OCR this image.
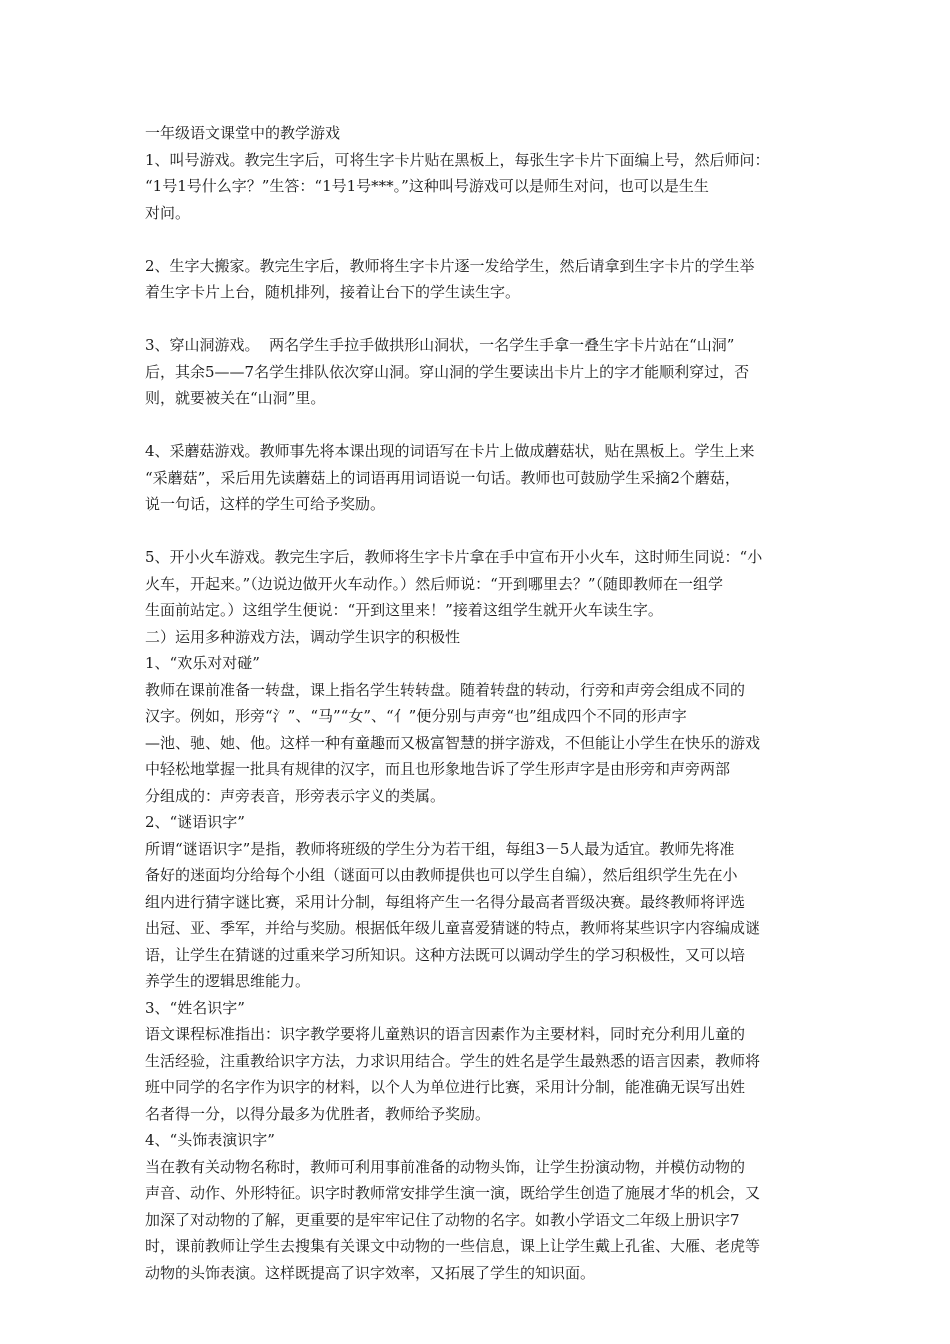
一年级语文课堂中的教学游戏
1、叫号游戏。教完生字后，可将生字卡片贴在黑板上，每张生字卡片下面编上号，然后师问：
“1号1号什么字？”生答：“1号1号***。”这种叫号游戏可以是师生对问，也可以是生生
对问。
2、生字大搬家。教完生字后，教师将生字卡片逐一发给学生，然后请拿到生字卡片的学生举
着生字卡片上台，随机排列，接着让台下的学生读生字。
3、穿山洞游戏。  两名学生手拉手做拱形山洞状，一名学生手拿一叠生字卡片站在“山洞”
后，其余5——7名学生排队依次穿山洞。穿山洞的学生要读出卡片上的字才能顺利穿过，否
则，就要被关在“山洞”里。
4、采蘑菇游戏。教师事先将本课出现的词语写在卡片上做成蘑菇状，贴在黑板上。学生上来
“采蘑菇”，采后用先读蘑菇上的词语再用词语说一句话。教师也可鼓励学生采摘2个蘑菇，
说一句话，这样的学生可给予奖励。
5、开小火车游戏。教完生字后，教师将生字卡片拿在手中宣布开小火车，这时师生同说：“小
火车，开起来。”（边说边做开火车动作。）然后师说：“开到哪里去？”（随即教师在一组学
生面前站定。）这组学生便说：“开到这里来！”接着这组学生就开火车读生字。
二）运用多种游戏方法，调动学生识字的积极性
1、“欢乐对对碰”
教师在课前准备一转盘，课上指名学生转转盘。随着转盘的转动，行旁和声旁会组成不同的
汉字。例如，形旁“氵”、“马”“女”、“亻”便分别与声旁“也”组成四个不同的形声字
—池、驰、她、他。这样一种有童趣而又极富智慧的拼字游戏，不但能让小学生在快乐的游戏
中轻松地掌握一批具有规律的汉字，而且也形象地告诉了学生形声字是由形旁和声旁两部
分组成的：声旁表音，形旁表示字义的类属。
2、“谜语识字”
所谓“谜语识字”是指，教师将班级的学生分为若干组，每组3－5人最为适宜。教师先将准
备好的迷面均分给每个小组（谜面可以由教师提供也可以学生自编），然后组织学生先在小
组内进行猜字谜比赛，采用计分制，每组将产生一名得分最高者晋级决赛。最终教师将评选
出冠、亚、季军，并给与奖励。根据低年级儿童喜爱猜谜的特点，教师将某些识字内容编成谜
语，让学生在猜谜的过重来学习所知识。这种方法既可以调动学生的学习积极性，又可以培
养学生的逻辑思维能力。
3、“姓名识字”
语文课程标准指出：识字教学要将儿童熟识的语言因素作为主要材料，同时充分利用儿童的
生活经验，注重教给识字方法，力求识用结合。学生的姓名是学生最熟悉的语言因素，教师将
班中同学的名字作为识字的材料，以个人为单位进行比赛，采用计分制，能准确无误写出姓
名者得一分，以得分最多为优胜者，教师给予奖励。
4、“头饰表演识字”
当在教有关动物名称时，教师可利用事前准备的动物头饰，让学生扮演动物，并模仿动物的
声音、动作、外形特征。识字时教师常安排学生演一演，既给学生创造了施展才华的机会，又
加深了对动物的了解，更重要的是牢牢记住了动物的名字。如教小学语文二年级上册识字7
时，课前教师让学生去搜集有关课文中动物的一些信息，课上让学生戴上孔雀、大雁、老虎等
动物的头饰表演。这样既提高了识字效率，又拓展了学生的知识面。
